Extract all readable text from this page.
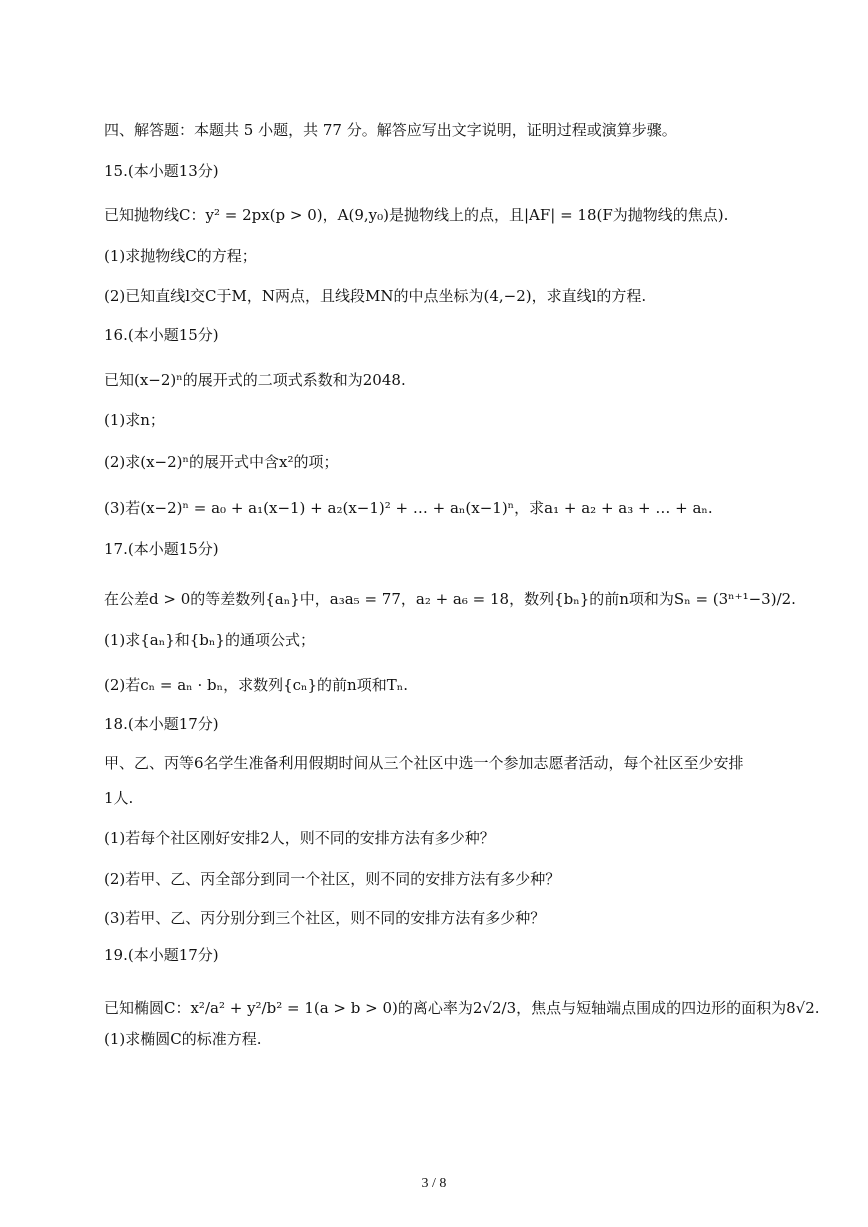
四、解答题：本题共 5 小题，共 77 分。解答应写出文字说明，证明过程或演算步骤。
15.(本小题13分)
已知抛物线C：y² = 2px(p > 0)，A(9,y₀)是抛物线上的点，且|AF| = 18(F为抛物线的焦点).
(1)求抛物线C的方程；
(2)已知直线l交C于M，N两点，且线段MN的中点坐标为(4,−2)，求直线l的方程.
16.(本小题15分)
已知(x−2)ⁿ的展开式的二项式系数和为2048.
(1)求n；
(2)求(x−2)ⁿ的展开式中含x²的项；
(3)若(x−2)ⁿ = a₀ + a₁(x−1) + a₂(x−1)² + … + aₙ(x−1)ⁿ，求a₁ + a₂ + a₃ + … + aₙ.
17.(本小题15分)
在公差d > 0的等差数列{aₙ}中，a₃a₅ = 77，a₂ + a₆ = 18，数列{bₙ}的前n项和为Sₙ = (3ⁿ⁺¹−3)/2.
(1)求{aₙ}和{bₙ}的通项公式；
(2)若cₙ = aₙ · bₙ，求数列{cₙ}的前n项和Tₙ.
18.(本小题17分)
甲、乙、丙等6名学生准备利用假期时间从三个社区中选一个参加志愿者活动，每个社区至少安排
1人.
(1)若每个社区刚好安排2人，则不同的安排方法有多少种？
(2)若甲、乙、丙全部分到同一个社区，则不同的安排方法有多少种？
(3)若甲、乙、丙分别分到三个社区，则不同的安排方法有多少种？
19.(本小题17分)
已知椭圆C：x²/a² + y²/b² = 1(a > b > 0)的离心率为2√2/3，焦点与短轴端点围成的四边形的面积为8√2.
(1)求椭圆C的标准方程.
3 / 8
